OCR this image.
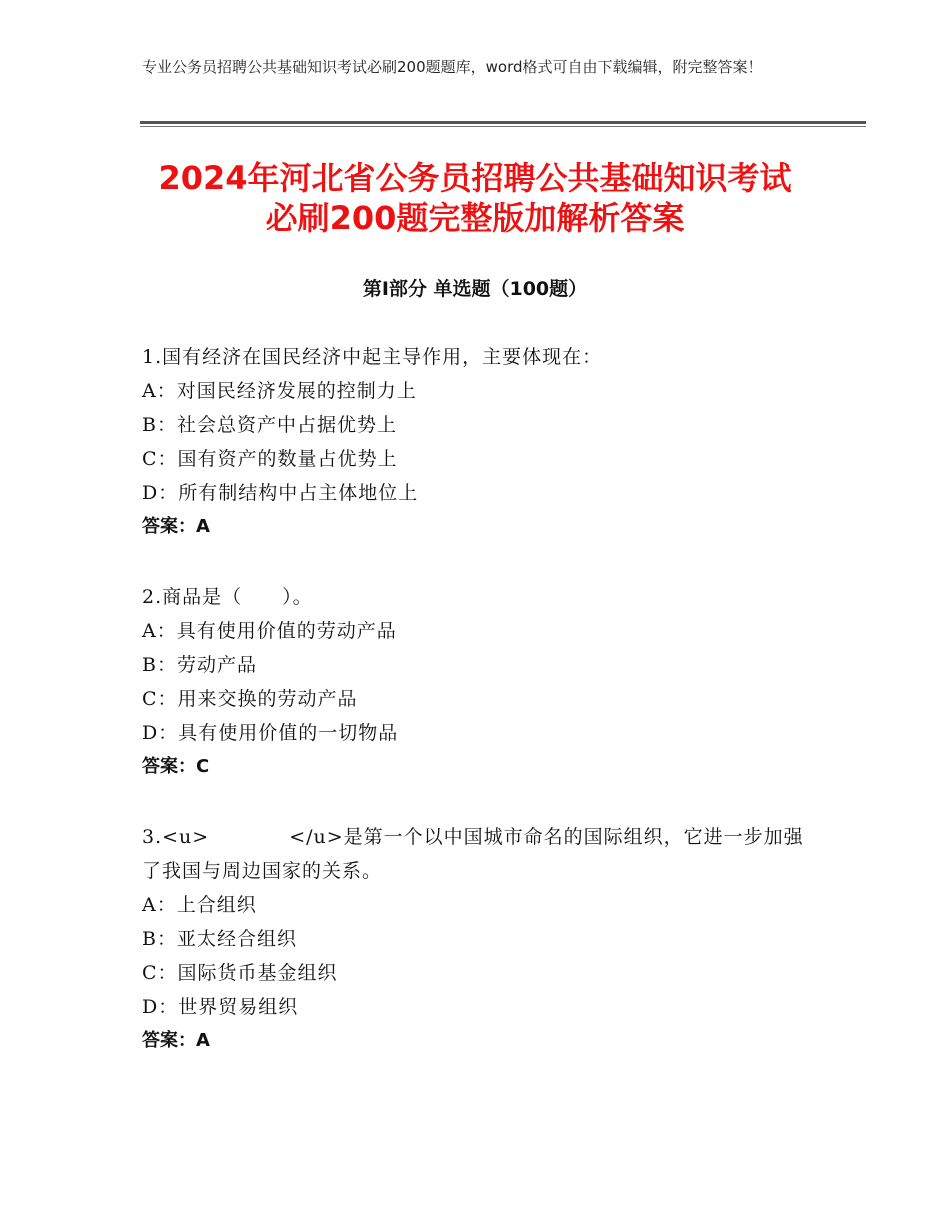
专业公务员招聘公共基础知识考试必刷200题题库，word格式可自由下载编辑，附完整答案！
2024年河北省公务员招聘公共基础知识考试
必刷200题完整版加解析答案
第Ⅰ部分 单选题（100题）

1.国有经济在国民经济中起主导作用，主要体现在：

A：对国民经济发展的控制力上

B：社会总资产中占据优势上

C：国有资产的数量占优势上

D：所有制结构中占主体地位上

答案：A

2.商品是（　　）。

A：具有使用价值的劳动产品

B：劳动产品

C：用来交换的劳动产品

D：具有使用价值的一切物品

答案：C

3.<u>　　　　</u>是第一个以中国城市命名的国际组织，它进一步加强了我国与周边国家的关系。

A：上合组织

B：亚太经合组织

C：国际货币基金组织

D：世界贸易组织

答案：A
